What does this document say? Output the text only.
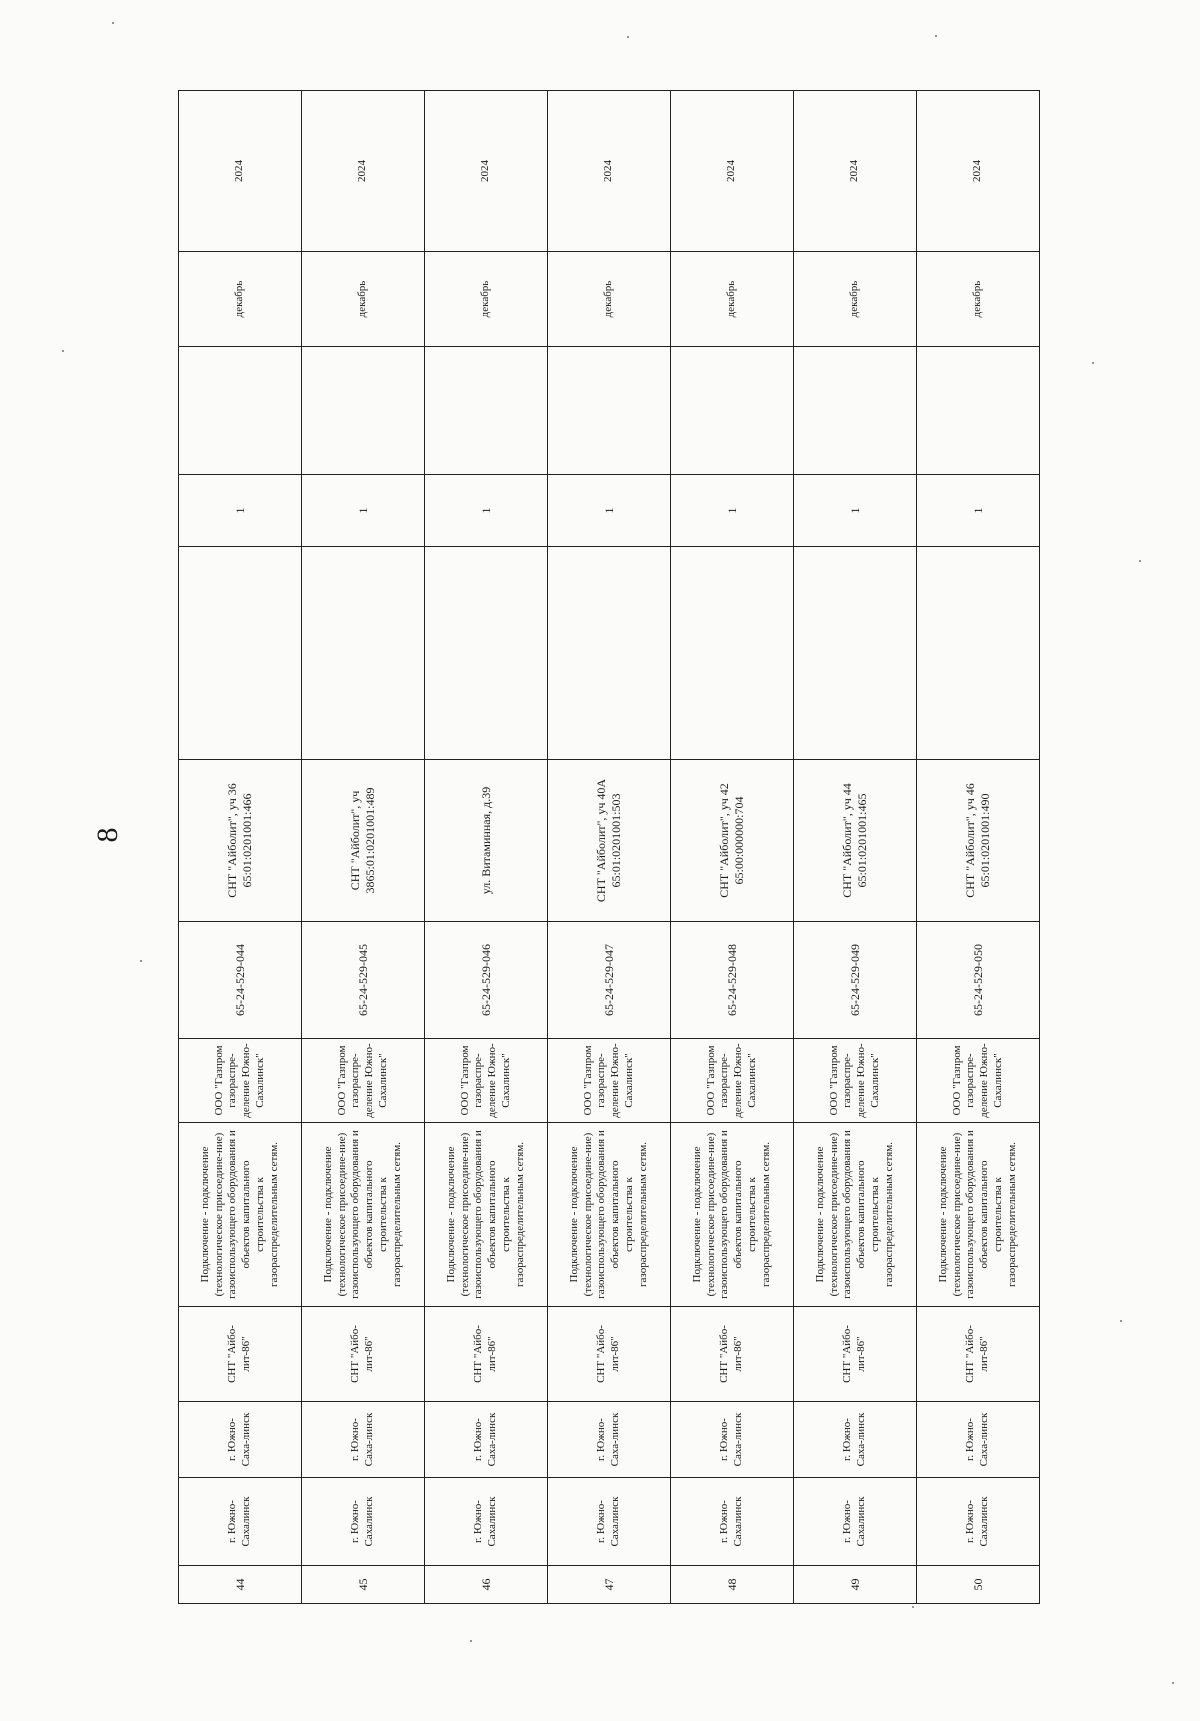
8
44	г. Южно-Сахалинск	г. Южно-Саха-линск	СНТ "Айбо-лит-86"	Подключение - подключение (технологическое присоедине-ние) газоиспользующего оборудования и объектов капитального строительства к газораспределительным сетям.	ООО "Газпром газораспре-деление Южно-Сахалинск"	65-24-529-044	СНТ "Айболит", уч 36 65:01:0201001:466		1		декабрь	2024
45	г. Южно-Сахалинск	г. Южно-Саха-линск	СНТ "Айбо-лит-86"	Подключение - подключение (технологическое присоедине-ние) газоиспользующего оборудования и объектов капитального строительства к газораспределительным сетям.	ООО "Газпром газораспре-деление Южно-Сахалинск"	65-24-529-045	СНТ "Айболит", уч 3865:01:0201001:489		1		декабрь	2024
46	г. Южно-Сахалинск	г. Южно-Саха-линск	СНТ "Айбо-лит-86"	Подключение - подключение (технологическое присоедине-ние) газоиспользующего оборудования и объектов капитального строительства к газораспределительным сетям.	ООО "Газпром газораспре-деление Южно-Сахалинск"	65-24-529-046	ул. Витаминная, д.39		1		декабрь	2024
47	г. Южно-Сахалинск	г. Южно-Саха-линск	СНТ "Айбо-лит-86"	Подключение - подключение (технологическое присоедине-ние) газоиспользующего оборудования и объектов капитального строительства к газораспределительным сетям.	ООО "Газпром газораспре-деление Южно-Сахалинск"	65-24-529-047	СНТ "Айболит", уч 40А 65:01:0201001:503		1		декабрь	2024
48	г. Южно-Сахалинск	г. Южно-Саха-линск	СНТ "Айбо-лит-86"	Подключение - подключение (технологическое присоедине-ние) газоиспользующего оборудования и объектов капитального строительства к газораспределительным сетям.	ООО "Газпром газораспре-деление Южно-Сахалинск"	65-24-529-048	СНТ "Айболит", уч 42 65:00:000000:704		1		декабрь	2024
49	г. Южно-Сахалинск	г. Южно-Саха-линск	СНТ "Айбо-лит-86"	Подключение - подключение (технологическое присоедине-ние) газоиспользующего оборудования и объектов капитального строительства к газораспределительным сетям.	ООО "Газпром газораспре-деление Южно-Сахалинск"	65-24-529-049	СНТ "Айболит", уч 44 65:01:0201001:465		1		декабрь	2024
50	г. Южно-Сахалинск	г. Южно-Саха-линск	СНТ "Айбо-лит-86"	Подключение - подключение (технологическое присоедине-ние) газоиспользующего оборудования и объектов капитального строительства к газораспределительным сетям.	ООО "Газпром газораспре-деление Южно-Сахалинск"	65-24-529-050	СНТ "Айболит", уч 46 65:01:0201001:490		1		декабрь	2024
